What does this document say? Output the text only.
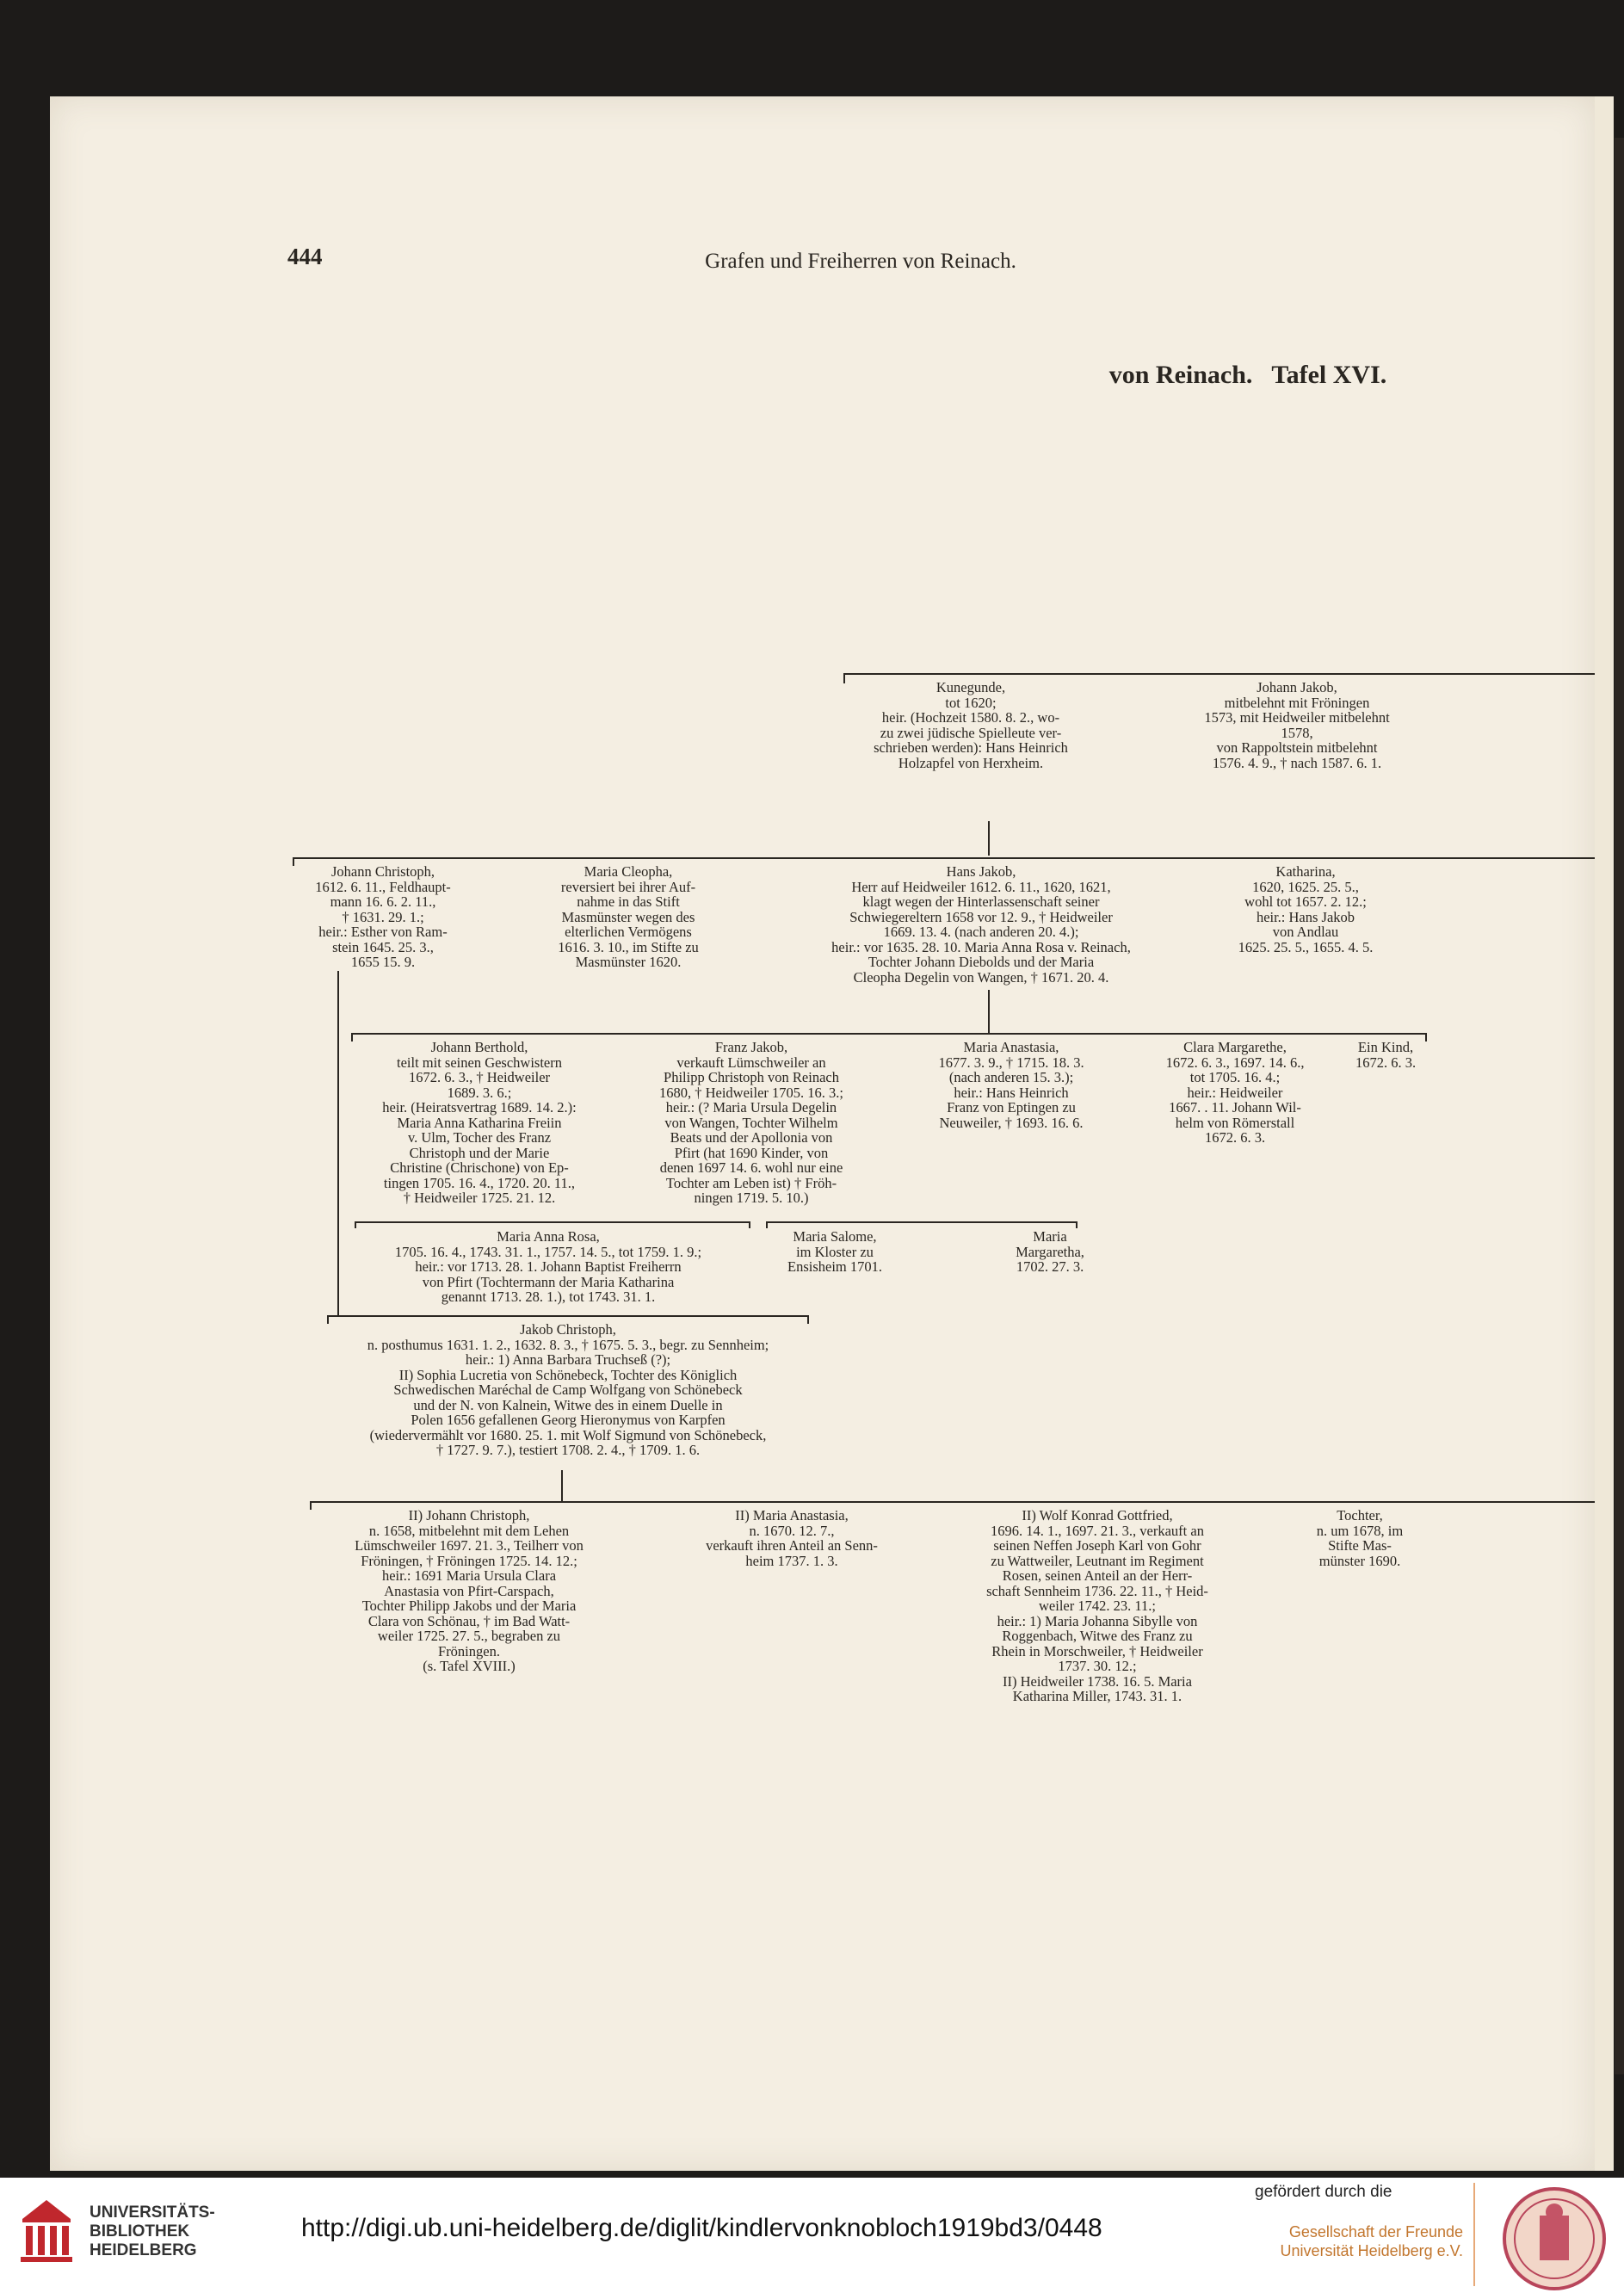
444	Grafen und Freiherren von Reinach.
von Reinach.   Tafel XVI.
Kunegunde,
tot 1620;
heir. (Hochzeit 1580. 8. 2., wo-
zu zwei jüdische Spielleute ver-
schrieben werden): Hans Heinrich
Holzapfel von Herxheim.
Johann Jakob,
mitbelehnt mit Fröningen
1573, mit Heidweiler mitbelehnt
1578,
von Rappoltstein mitbelehnt
1576. 4. 9., † nach 1587. 6. 1.
Johann Christoph,
1612. 6. 11., Feldhaupt-
mann 16. 6. 2. 11.,
† 1631. 29. 1.;
heir.: Esther von Ram-
stein 1645. 25. 3.,
1655 15. 9.
Maria Cleopha,
reversiert bei ihrer Auf-
nahme in das Stift
Masmünster wegen des
elterlichen Vermögens
1616. 3. 10., im Stifte zu
Masmünster 1620.
Hans Jakob,
Herr auf Heidweiler 1612. 6. 11., 1620, 1621,
klagt wegen der Hinterlassenschaft seiner
Schwiegereltern 1658 vor 12. 9., † Heidweiler
1669. 13. 4. (nach anderen 20. 4.);
heir.: vor 1635. 28. 10. Maria Anna Rosa v. Reinach,
Tochter Johann Diebolds und der Maria
Cleopha Degelin von Wangen, † 1671. 20. 4.
Katharina,
1620, 1625. 25. 5.,
wohl tot 1657. 2. 12.;
heir.: Hans Jakob
von Andlau
1625. 25. 5., 1655. 4. 5.
Johann Berthold,
teilt mit seinen Geschwistern
1672. 6. 3., † Heidweiler
1689. 3. 6.;
heir. (Heiratsvertrag 1689. 14. 2.):
Maria Anna Katharina Freiin
v. Ulm, Tocher des Franz
Christoph und der Marie
Christine (Chrischone) von Ep-
tingen 1705. 16. 4., 1720. 20. 11.,
† Heidweiler 1725. 21. 12.
Franz Jakob,
verkauft Lümschweiler an
Philipp Christoph von Reinach
1680, † Heidweiler 1705. 16. 3.;
heir.: (? Maria Ursula Degelin
von Wangen, Tochter Wilhelm
Beats und der Apollonia von
Pfirt (hat 1690 Kinder, von
denen 1697 14. 6. wohl nur eine
Tochter am Leben ist) † Fröh-
ningen 1719. 5. 10.)
Maria Anastasia,
1677. 3. 9., † 1715. 18. 3.
(nach anderen 15. 3.);
heir.: Hans Heinrich
Franz von Eptingen zu
Neuweiler, † 1693. 16. 6.
Clara Margarethe,
1672. 6. 3., 1697. 14. 6.,
tot 1705. 16. 4.;
heir.: Heidweiler
1667. . 11. Johann Wil-
helm von Römerstall
1672. 6. 3.
Ein Kind,
1672. 6. 3.
Maria Anna Rosa,
1705. 16. 4., 1743. 31. 1., 1757. 14. 5., tot 1759. 1. 9.;
heir.: vor 1713. 28. 1. Johann Baptist Freiherrn
von Pfirt (Tochtermann der Maria Katharina
genannt 1713. 28. 1.), tot 1743. 31. 1.
Maria Salome,
im Kloster zu
Ensisheim 1701.
Maria
Margaretha,
1702. 27. 3.
Jakob Christoph,
n. posthumus 1631. 1. 2., 1632. 8. 3., † 1675. 5. 3., begr. zu Sennheim;
heir.: 1) Anna Barbara Truchseß (?);
II) Sophia Lucretia von Schönebeck, Tochter des Königlich
Schwedischen Maréchal de Camp Wolfgang von Schönebeck
und der N. von Kalnein, Witwe des in einem Duelle in
Polen 1656 gefallenen Georg Hieronymus von Karpfen
(wiedervermählt vor 1680. 25. 1. mit Wolf Sigmund von Schönebeck,
† 1727. 9. 7.), testiert 1708. 2. 4., † 1709. 1. 6.
II) Johann Christoph,
n. 1658, mitbelehnt mit dem Lehen
Lümschweiler 1697. 21. 3., Teilherr von
Fröningen, † Fröningen 1725. 14. 12.;
heir.: 1691 Maria Ursula Clara
Anastasia von Pfirt-Carspach,
Tochter Philipp Jakobs und der Maria
Clara von Schönau, † im Bad Watt-
weiler 1725. 27. 5., begraben zu
Fröningen.
(s. Tafel XVIII.)
II) Maria Anastasia,
n. 1670. 12. 7.,
verkauft ihren Anteil an Senn-
heim 1737. 1. 3.
II) Wolf Konrad Gottfried,
1696. 14. 1., 1697. 21. 3., verkauft an
seinen Neffen Joseph Karl von Gohr
zu Wattweiler, Leutnant im Regiment
Rosen, seinen Anteil an der Herr-
schaft Sennheim 1736. 22. 11., † Heid-
weiler 1742. 23. 11.;
heir.: 1) Maria Johanna Sibylle von
Roggenbach, Witwe des Franz zu
Rhein in Morschweiler, † Heidweiler
1737. 30. 12.;
II) Heidweiler 1738. 16. 5. Maria
Katharina Miller, 1743. 31. 1.
Tochter,
n. um 1678, im
Stifte Mas-
münster 1690.
UNIVERSITÄTS-
BIBLIOTHEK
HEIDELBERG
http://digi.ub.uni-heidelberg.de/diglit/kindlervonknobloch1919bd3/0448
gefördert durch die
Gesellschaft der Freunde
Universität Heidelberg e.V.
